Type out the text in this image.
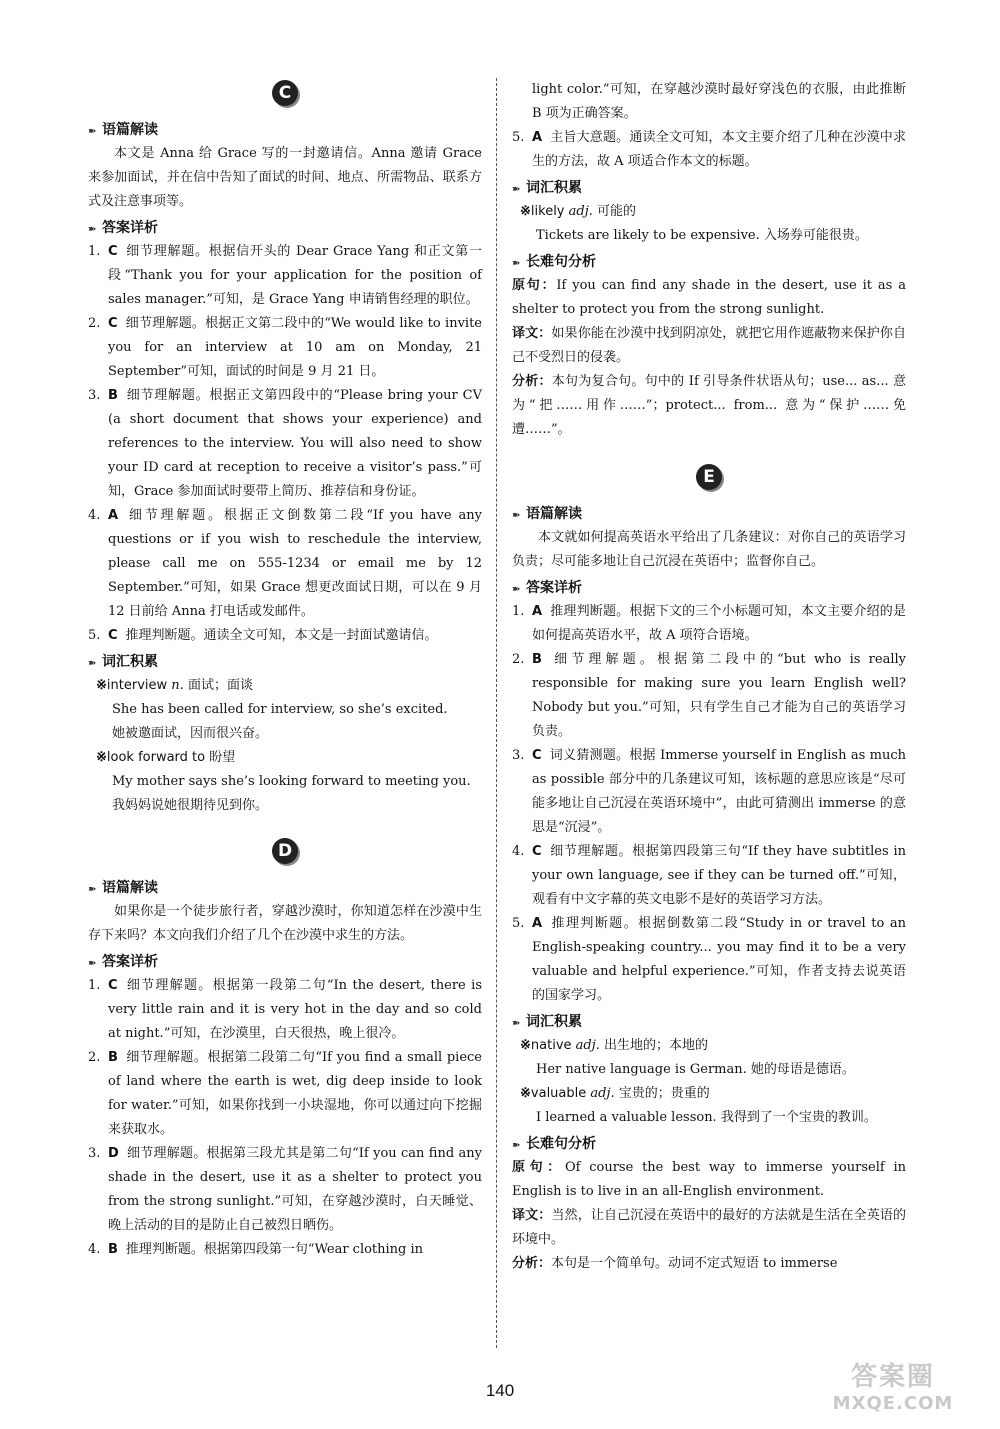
C
➽ 语篇解读

本文是 Anna 给 Grace 写的一封邀请信。Anna 邀请 Grace 来参加面试，并在信中告知了面试的时间、地点、所需物品、联系方式及注意事项等。

➽ 答案详析

1. C 细节理解题。根据信开头的 Dear Grace Yang 和正文第一段“Thank you for your application for the position of sales manager.”可知，是 Grace Yang 申请销售经理的职位。

2. C 细节理解题。根据正文第二段中的“We would like to invite you for an interview at 10 am on Monday, 21 September”可知，面试的时间是 9 月 21 日。

3. B 细节理解题。根据正文第四段中的“Please bring your CV (a short document that shows your experience) and references to the interview. You will also need to show your ID card at reception to receive a visitor’s pass.”可知，Grace 参加面试时要带上简历、推荐信和身份证。

4. A 细节理解题。根据正文倒数第二段“If you have any questions or if you wish to reschedule the interview, please call me on 555-1234 or email me by 12 September.”可知，如果 Grace 想更改面试日期，可以在 9 月 12 日前给 Anna 打电话或发邮件。

5. C 推理判断题。通读全文可知，本文是一封面试邀请信。

➽ 词汇积累
※interview n. 面试；面谈

She has been called for interview, so she’s excited.

她被邀面试，因而很兴奋。

※look forward to 盼望

My mother says she’s looking forward to meeting you.

我妈妈说她很期待见到你。

D
➽ 语篇解读

如果你是一个徒步旅行者，穿越沙漠时，你知道怎样在沙漠中生存下来吗？本文向我们介绍了几个在沙漠中求生的方法。

➽ 答案详析

1. C 细节理解题。根据第一段第二句“In the desert, there is very little rain and it is very hot in the day and so cold at night.”可知，在沙漠里，白天很热，晚上很冷。

2. B 细节理解题。根据第二段第二句“If you find a small piece of land where the earth is wet, dig deep inside to look for water.”可知，如果你找到一小块湿地，你可以通过向下挖掘来获取水。

3. D 细节理解题。根据第三段尤其是第二句“If you can find any shade in the desert, use it as a shelter to protect you from the strong sunlight.”可知，在穿越沙漠时，白天睡觉、晚上活动的目的是防止自己被烈日晒伤。

4. B 推理判断题。根据第四段第一句“Wear clothing in

light color.”可知，在穿越沙漠时最好穿浅色的衣服，由此推断 B 项为正确答案。

5. A 主旨大意题。通读全文可知，本文主要介绍了几种在沙漠中求生的方法，故 A 项适合作本文的标题。

➽ 词汇积累
※likely adj. 可能的

Tickets are likely to be expensive. 入场券可能很贵。

➽ 长难句分析

原句：If you can find any shade in the desert, use it as a shelter to protect you from the strong sunlight.

译文：如果你能在沙漠中找到阴凉处，就把它用作遮蔽物来保护你自己不受烈日的侵袭。

分析：本句为复合句。句中的 If 引导条件状语从句；use... as... 意为“把……用作……”；protect... from... 意为“保护……免遭……”。

E
➽ 语篇解读

本文就如何提高英语水平给出了几条建议：对你自己的英语学习负责；尽可能多地让自己沉浸在英语中；监督你自己。

➽ 答案详析

1. A 推理判断题。根据下文的三个小标题可知，本文主要介绍的是如何提高英语水平，故 A 项符合语境。

2. B 细节理解题。根据第二段中的“but who is really responsible for making sure you learn English well? Nobody but you.”可知，只有学生自己才能为自己的英语学习负责。

3. C 词义猜测题。根据 Immerse yourself in English as much as possible 部分中的几条建议可知，该标题的意思应该是“尽可能多地让自己沉浸在英语环境中”，由此可猜测出 immerse 的意思是“沉浸”。

4. C 细节理解题。根据第四段第三句“If they have subtitles in your own language, see if they can be turned off.”可知，观看有中文字幕的英文电影不是好的英语学习方法。

5. A 推理判断题。根据倒数第二段“Study in or travel to an English-speaking country... you may find it to be a very valuable and helpful experience.”可知，作者支持去说英语的国家学习。

➽ 词汇积累
※native adj. 出生地的；本地的

Her native language is German. 她的母语是德语。

※valuable adj. 宝贵的；贵重的

I learned a valuable lesson. 我得到了一个宝贵的教训。

➽ 长难句分析

原句：Of course the best way to immerse yourself in English is to live in an all-English environment.

译文：当然，让自己沉浸在英语中的最好的方法就是生活在全英语的环境中。

分析：本句是一个简单句。动词不定式短语 to immerse

140	答案圈
MXQE.COM
